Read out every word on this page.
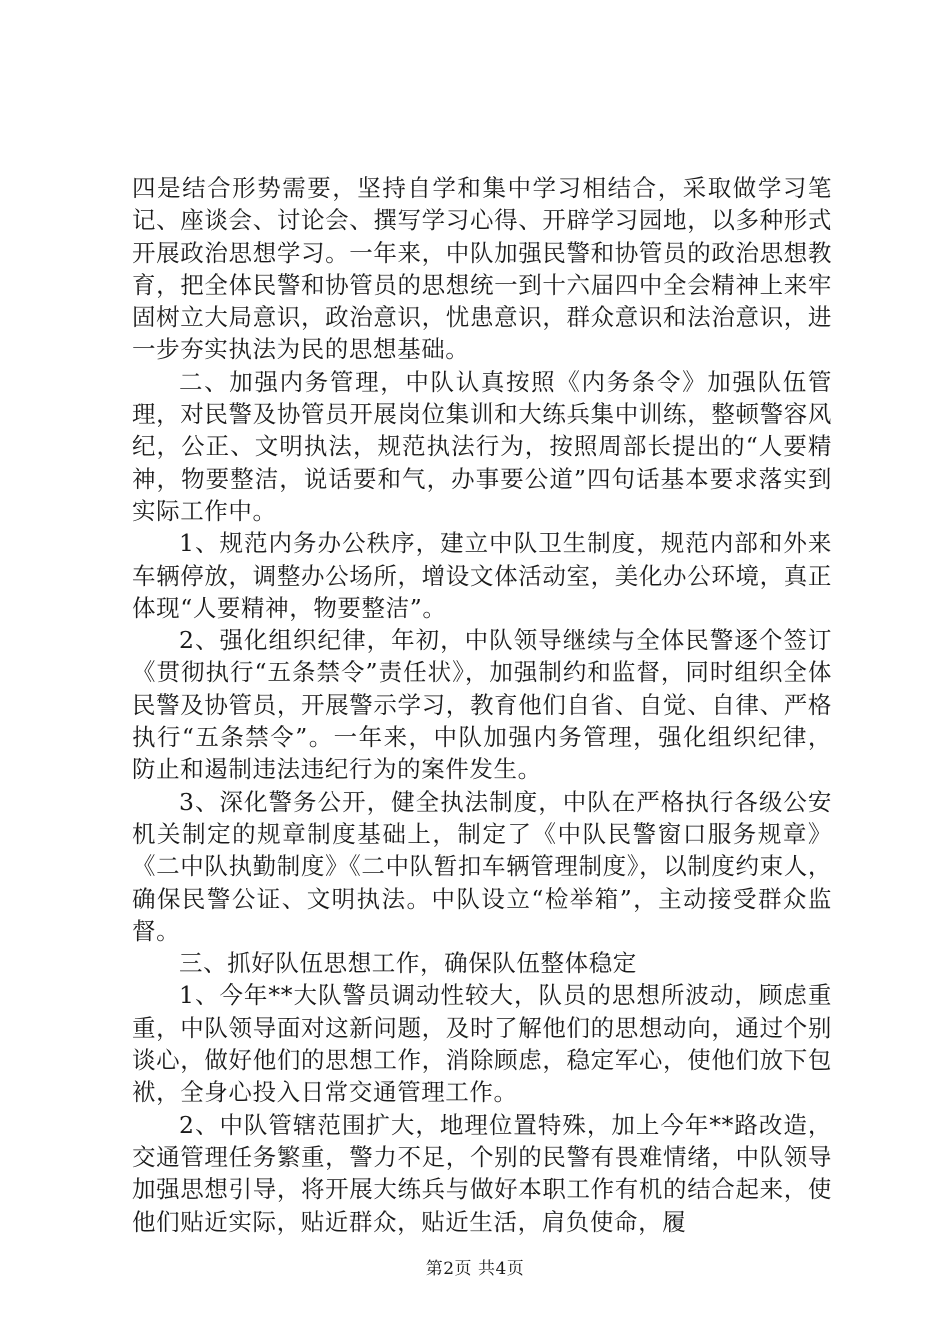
四是结合形势需要，坚持自学和集中学习相结合，采取做学习笔记、座谈会、讨论会、撰写学习心得、开辟学习园地，以多种形式开展政治思想学习。一年来，中队加强民警和协管员的政治思想教育，把全体民警和协管员的思想统一到十六届四中全会精神上来牢固树立大局意识，政治意识，忧患意识，群众意识和法治意识，进一步夯实执法为民的思想基础。

二、加强内务管理，中队认真按照《内务条令》加强队伍管理，对民警及协管员开展岗位集训和大练兵集中训练，整顿警容风纪，公正、文明执法，规范执法行为，按照周部长提出的“人要精神，物要整洁，说话要和气，办事要公道”四句话基本要求落实到实际工作中。

1、规范内务办公秩序，建立中队卫生制度，规范内部和外来车辆停放，调整办公场所，增设文体活动室，美化办公环境，真正体现“人要精神，物要整洁”。

2、强化组织纪律，年初，中队领导继续与全体民警逐个签订《贯彻执行“五条禁令”责任状》，加强制约和监督，同时组织全体民警及协管员，开展警示学习，教育他们自省、自觉、自律、严格执行“五条禁令”。一年来，中队加强内务管理，强化组织纪律，防止和遏制违法违纪行为的案件发生。

3、深化警务公开，健全执法制度，中队在严格执行各级公安机关制定的规章制度基础上，制定了《中队民警窗口服务规章》《二中队执勤制度》《二中队暂扣车辆管理制度》，以制度约束人，确保民警公证、文明执法。中队设立“检举箱”，主动接受群众监督。

三、抓好队伍思想工作，确保队伍整体稳定

1、今年**大队警员调动性较大，队员的思想所波动，顾虑重重，中队领导面对这新问题，及时了解他们的思想动向，通过个别谈心，做好他们的思想工作，消除顾虑，稳定军心，使他们放下包袱，全身心投入日常交通管理工作。

2、中队管辖范围扩大，地理位置特殊，加上今年**路改造，交通管理任务繁重，警力不足，个别的民警有畏难情绪，中队领导加强思想引导，将开展大练兵与做好本职工作有机的结合起来，使他们贴近实际，贴近群众，贴近生活，肩负使命，履

第2页 共4页
